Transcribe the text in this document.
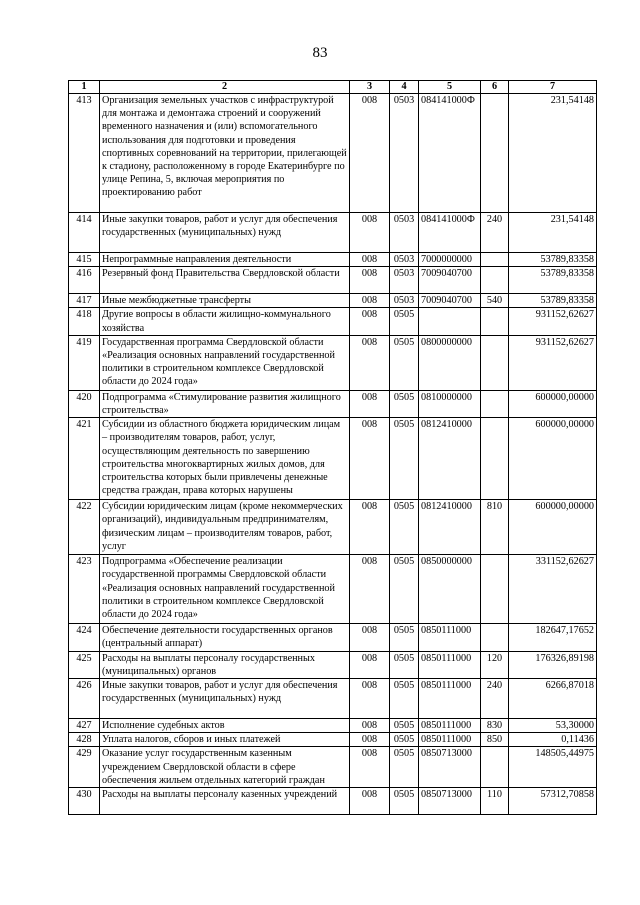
83
1	2	3	4	5	6	7
413	Организация земельных участков с инфраструктурой для монтажа и демонтажа строений и сооружений временного назначения и (или) вспомогательного использования для подготовки и проведения спортивных соревнований на территории, прилегающей к стадиону, расположенному в городе Екатеринбурге по улице Репина, 5, включая мероприятия по проектированию работ	008	0503	084141000Ф		231,54148
414	Иные закупки товаров, работ и услуг для обеспечения государственных (муниципальных) нужд	008	0503	084141000Ф	240	231,54148
415	Непрограммные направления деятельности	008	0503	7000000000		53789,83358
416	Резервный фонд Правительства Свердловской области	008	0503	7009040700		53789,83358
417	Иные межбюджетные трансферты	008	0503	7009040700	540	53789,83358
418	Другие вопросы в области жилищно-коммунального хозяйства	008	0505			931152,62627
419	Государственная программа Свердловской области «Реализация основных направлений государственной политики в строительном комплексе Свердловской области до 2024 года»	008	0505	0800000000		931152,62627
420	Подпрограмма «Стимулирование развития жилищного строительства»	008	0505	0810000000		600000,00000
421	Субсидии из областного бюджета юридическим лицам – производителям товаров, работ, услуг, осуществляющим деятельность по завершению строительства многоквартирных жилых домов, для строительства которых были привлечены денежные средства граждан, права которых нарушены	008	0505	0812410000		600000,00000
422	Субсидии юридическим лицам (кроме некоммерческих организаций), индивидуальным предпринимателям, физическим лицам – производителям товаров, работ, услуг	008	0505	0812410000	810	600000,00000
423	Подпрограмма «Обеспечение реализации государственной программы Свердловской области «Реализация основных направлений государственной политики в строительном комплексе Свердловской области до 2024 года»	008	0505	0850000000		331152,62627
424	Обеспечение деятельности государственных органов (центральный аппарат)	008	0505	0850111000		182647,17652
425	Расходы на выплаты персоналу государственных (муниципальных) органов	008	0505	0850111000	120	176326,89198
426	Иные закупки товаров, работ и услуг для обеспечения государственных (муниципальных) нужд	008	0505	0850111000	240	6266,87018
427	Исполнение судебных актов	008	0505	0850111000	830	53,30000
428	Уплата налогов, сборов и иных платежей	008	0505	0850111000	850	0,11436
429	Оказание услуг государственным казенным учреждением Свердловской области в сфере обеспечения жильем отдельных категорий граждан	008	0505	0850713000		148505,44975
430	Расходы на выплаты персоналу казенных учреждений	008	0505	0850713000	110	57312,70858
